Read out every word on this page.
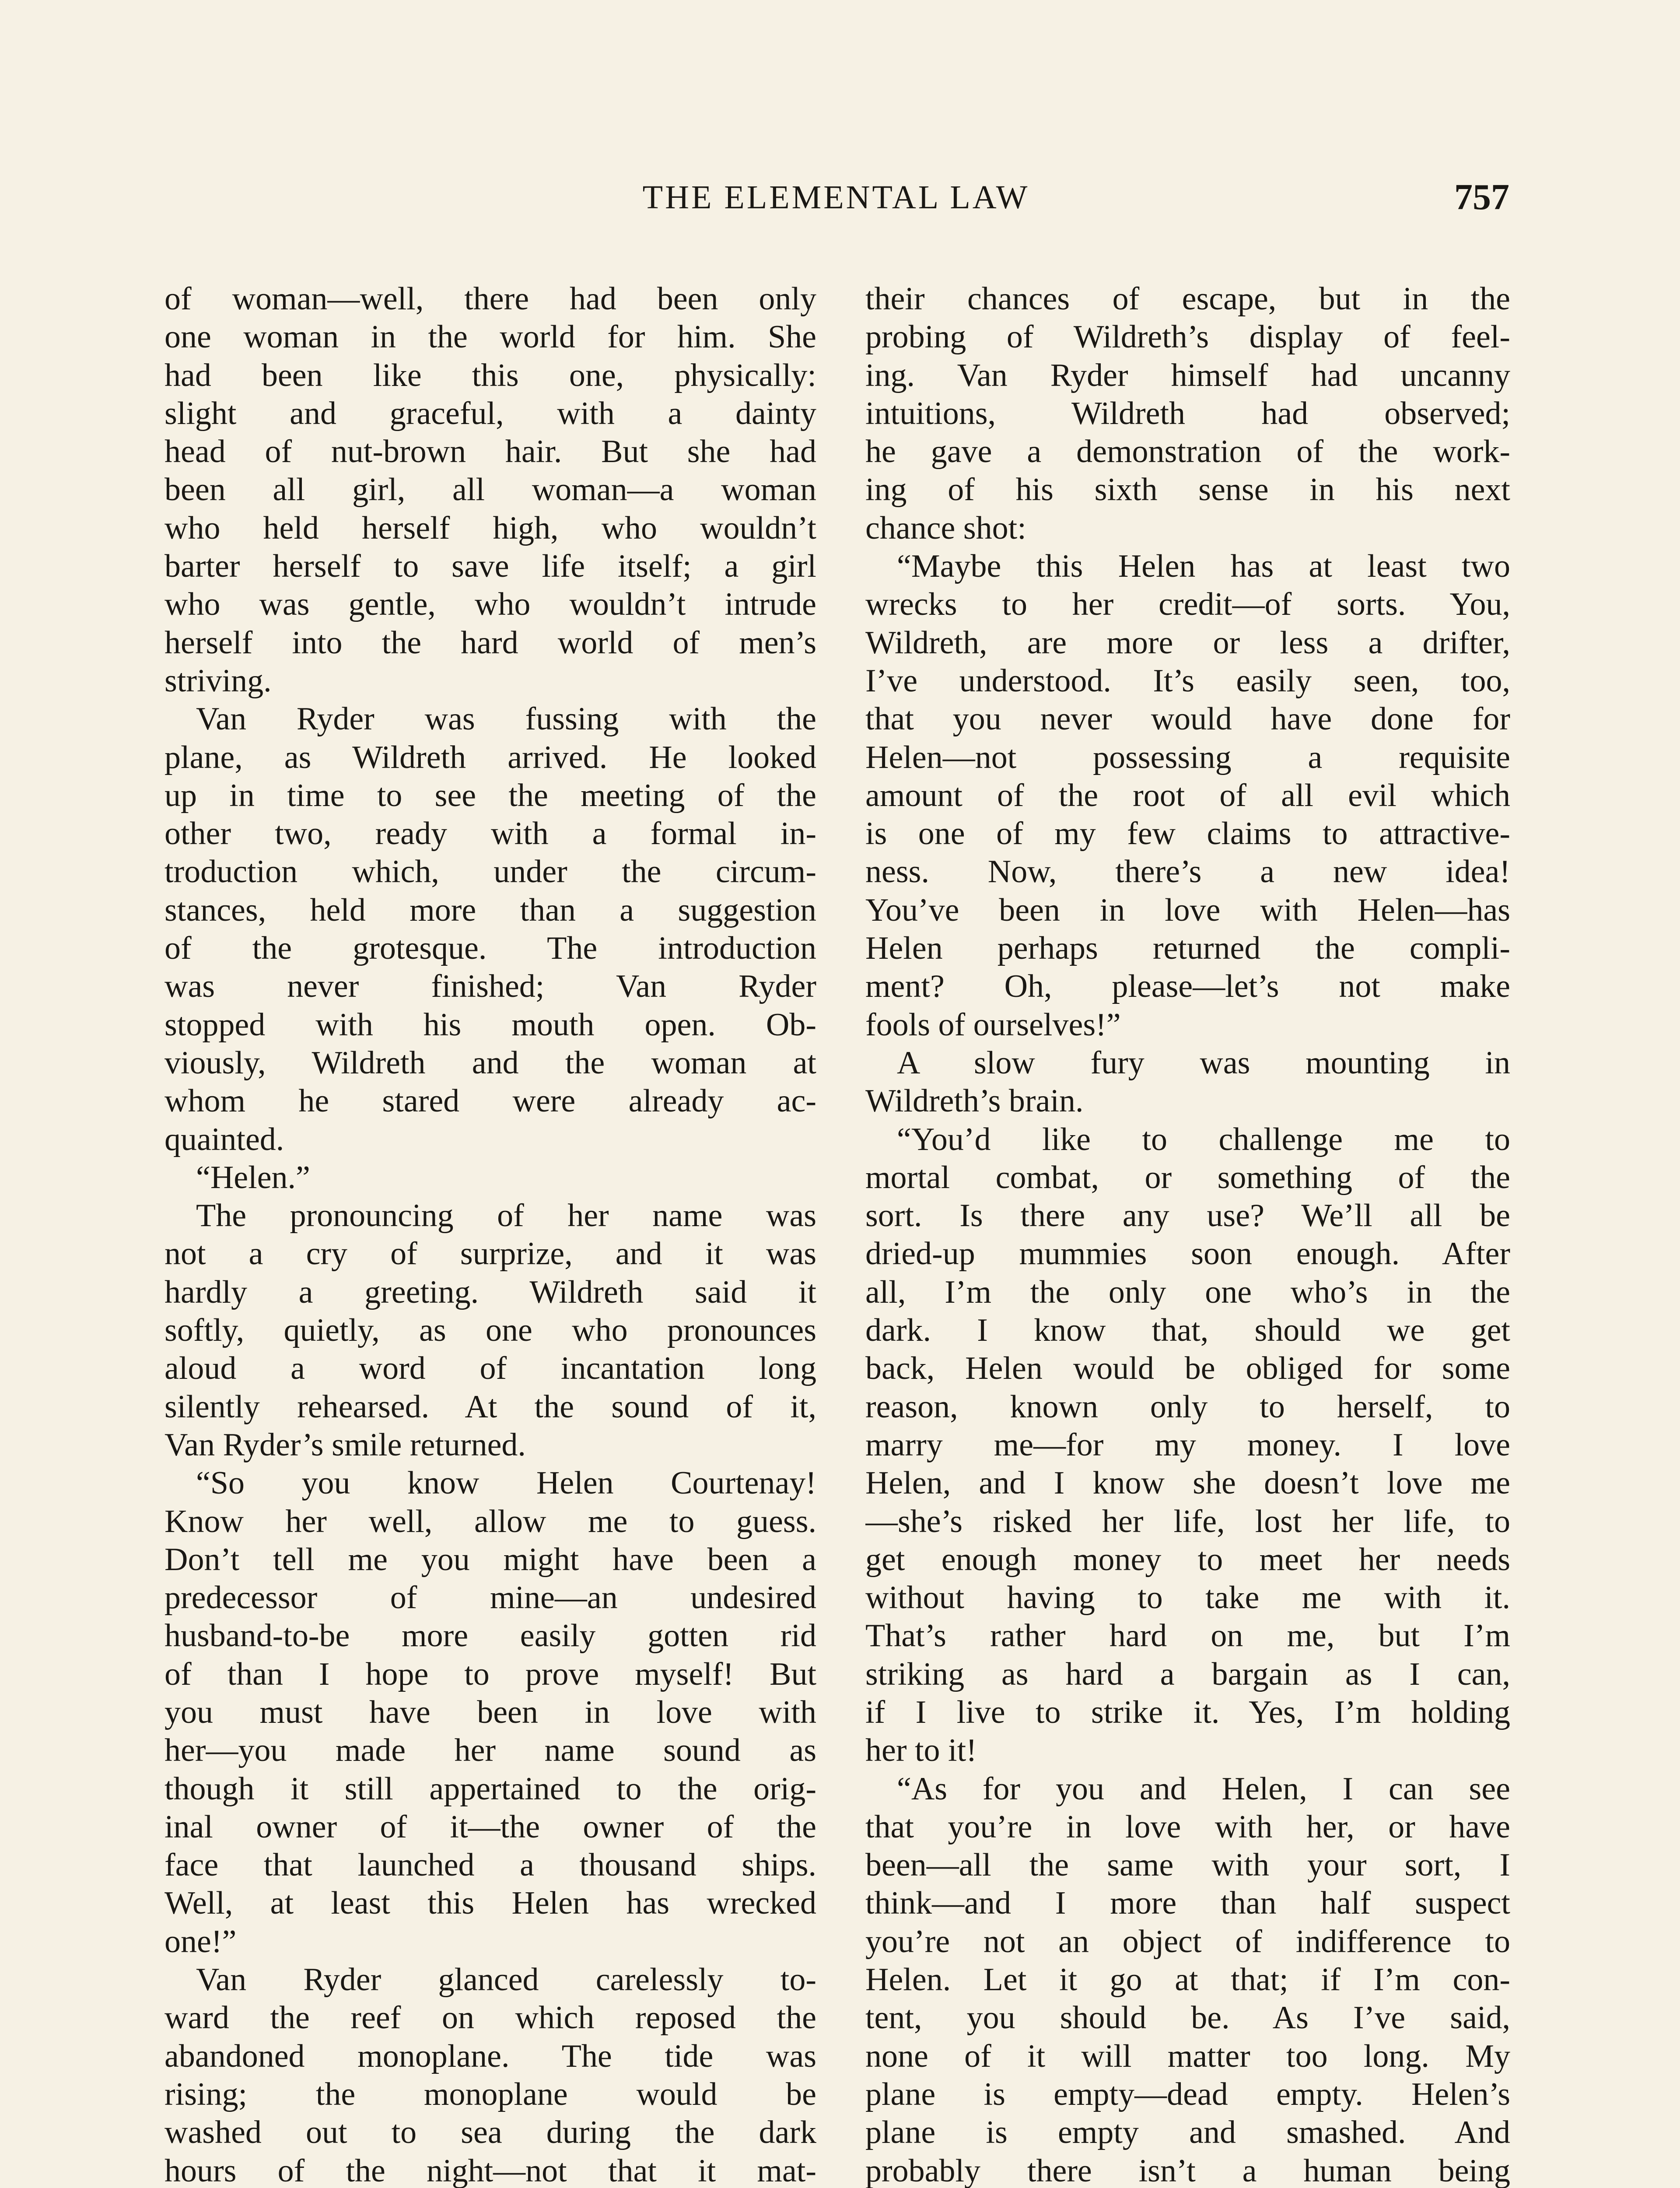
THE ELEMENTAL LAW	757
of woman—well, there had been only
one woman in the world for him. She
had been like this one, physically:
slight and graceful, with a dainty
head of nut-brown hair. But she had
been all girl, all woman—a woman
who held herself high, who wouldn’t
barter herself to save life itself; a girl
who was gentle, who wouldn’t intrude
herself into the hard world of men’s
striving.
Van Ryder was fussing with the
plane, as Wildreth arrived. He looked
up in time to see the meeting of the
other two, ready with a formal in-
troduction which, under the circum-
stances, held more than a suggestion
of the grotesque. The introduction
was never finished; Van Ryder
stopped with his mouth open. Ob-
viously, Wildreth and the woman at
whom he stared were already ac-
quainted.
“Helen.”
The pronouncing of her name was
not a cry of surprize, and it was
hardly a greeting. Wildreth said it
softly, quietly, as one who pronounces
aloud a word of incantation long
silently rehearsed. At the sound of it,
Van Ryder’s smile returned.
“So you know Helen Courtenay!
Know her well, allow me to guess.
Don’t tell me you might have been a
predecessor of mine—an undesired
husband-to-be more easily gotten rid
of than I hope to prove myself! But
you must have been in love with
her—you made her name sound as
though it still appertained to the orig-
inal owner of it—the owner of the
face that launched a thousand ships.
Well, at least this Helen has wrecked
one!”
Van Ryder glanced carelessly to-
ward the reef on which reposed the
abandoned monoplane. The tide was
rising; the monoplane would be
washed out to sea during the dark
hours of the night—not that it mat-
their chances of escape, but in the
probing of Wildreth’s display of feel-
ing. Van Ryder himself had uncanny
intuitions, Wildreth had observed;
he gave a demonstration of the work-
ing of his sixth sense in his next
chance shot:
“Maybe this Helen has at least two
wrecks to her credit—of sorts. You,
Wildreth, are more or less a drifter,
I’ve understood. It’s easily seen, too,
that you never would have done for
Helen—not possessing a requisite
amount of the root of all evil which
is one of my few claims to attractive-
ness. Now, there’s a new idea!
You’ve been in love with Helen—has
Helen perhaps returned the compli-
ment? Oh, please—let’s not make
fools of ourselves!”
A slow fury was mounting in
Wildreth’s brain.
“You’d like to challenge me to
mortal combat, or something of the
sort. Is there any use? We’ll all be
dried-up mummies soon enough. After
all, I’m the only one who’s in the
dark. I know that, should we get
back, Helen would be obliged for some
reason, known only to herself, to
marry me—for my money. I love
Helen, and I know she doesn’t love me
—she’s risked her life, lost her life, to
get enough money to meet her needs
without having to take me with it.
That’s rather hard on me, but I’m
striking as hard a bargain as I can,
if I live to strike it. Yes, I’m holding
her to it!
“As for you and Helen, I can see
that you’re in love with her, or have
been—all the same with your sort, I
think—and I more than half suspect
you’re not an object of indifference to
Helen. Let it go at that; if I’m con-
tent, you should be. As I’ve said,
none of it will matter too long. My
plane is empty—dead empty. Helen’s
plane is empty and smashed. And
probably there isn’t a human being
